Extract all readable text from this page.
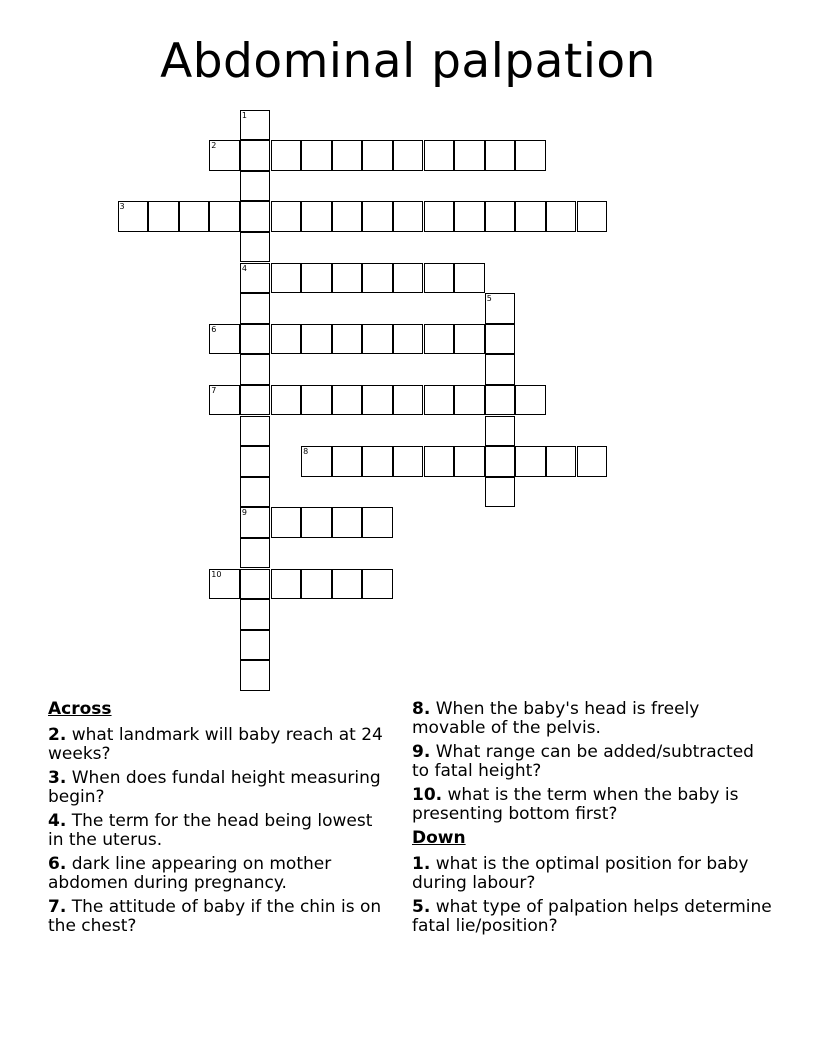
Abdominal palpation
1
4
9
2
3
5
6
7
8
10
Across
2. what landmark will baby reach at 24 weeks?
3. When does fundal height measuring begin?
4. The term for the head being lowest in the uterus.
6. dark line appearing on mother abdomen during pregnancy.
7. The attitude of baby if the chin is on the chest?
8. When the baby's head is freely movable of the pelvis.
9. What range can be added/subtracted to fatal height?
10. what is the term when the baby is presenting bottom first?
Down
1. what is the optimal position for baby during labour?
5. what type of palpation helps determine fatal lie/position?
